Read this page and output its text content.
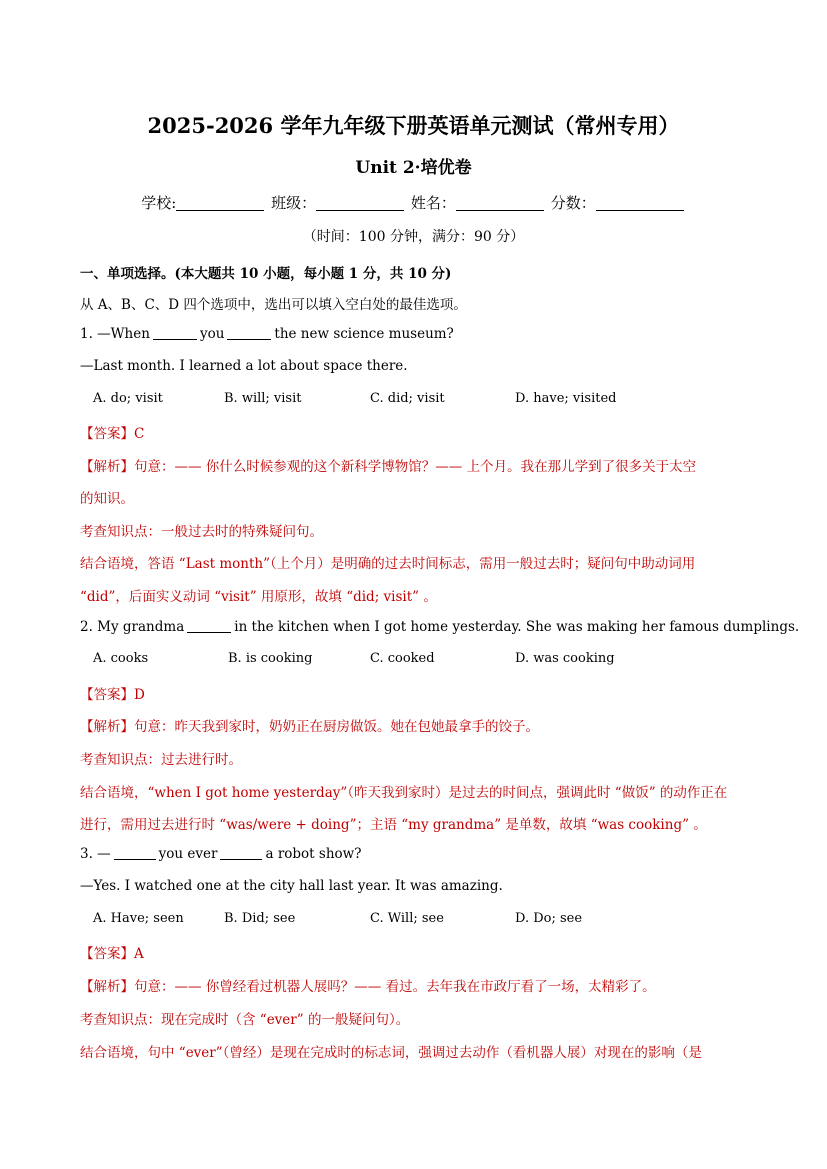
2025-2026 学年九年级下册英语单元测试（常州专用）
Unit 2·培优卷
学校:	班级：	姓名：	分数：
（时间：100 分钟，满分：90 分）
一、单项选择。(本大题共 10 小题，每小题 1 分，共 10 分)
从 A、B、C、D 四个选项中，选出可以填入空白处的最佳选项。
1. —When	you	the new science museum?
—Last month. I learned a lot about space there.
A. do; visit	B. will; visit	C. did; visit	D. have; visited
【答案】C
【解析】句意：—— 你什么时候参观的这个新科学博物馆？—— 上个月。我在那儿学到了很多关于太空
的知识。
考查知识点：一般过去时的特殊疑问句。
结合语境，答语 “Last month”（上个月）是明确的过去时间标志，需用一般过去时；疑问句中助动词用
“did”，后面实义动词 “visit” 用原形，故填 “did; visit” 。
2. My grandma	in the kitchen when I got home yesterday. She was making her famous dumplings.
A. cooks	B. is cooking	C. cooked	D. was cooking
【答案】D
【解析】句意：昨天我到家时，奶奶正在厨房做饭。她在包她最拿手的饺子。
考查知识点：过去进行时。
结合语境，“when I got home yesterday”（昨天我到家时）是过去的时间点，强调此时 “做饭” 的动作正在
进行，需用过去进行时 “was/were + doing”；主语 “my grandma” 是单数，故填 “was cooking” 。
3. —	you ever	a robot show?
—Yes. I watched one at the city hall last year. It was amazing.
A. Have; seen	B. Did; see	C. Will; see	D. Do; see
【答案】A
【解析】句意：—— 你曾经看过机器人展吗？—— 看过。去年我在市政厅看了一场，太精彩了。
考查知识点：现在完成时（含 “ever” 的一般疑问句）。
结合语境，句中 “ever”（曾经）是现在完成时的标志词，强调过去动作（看机器人展）对现在的影响（是
